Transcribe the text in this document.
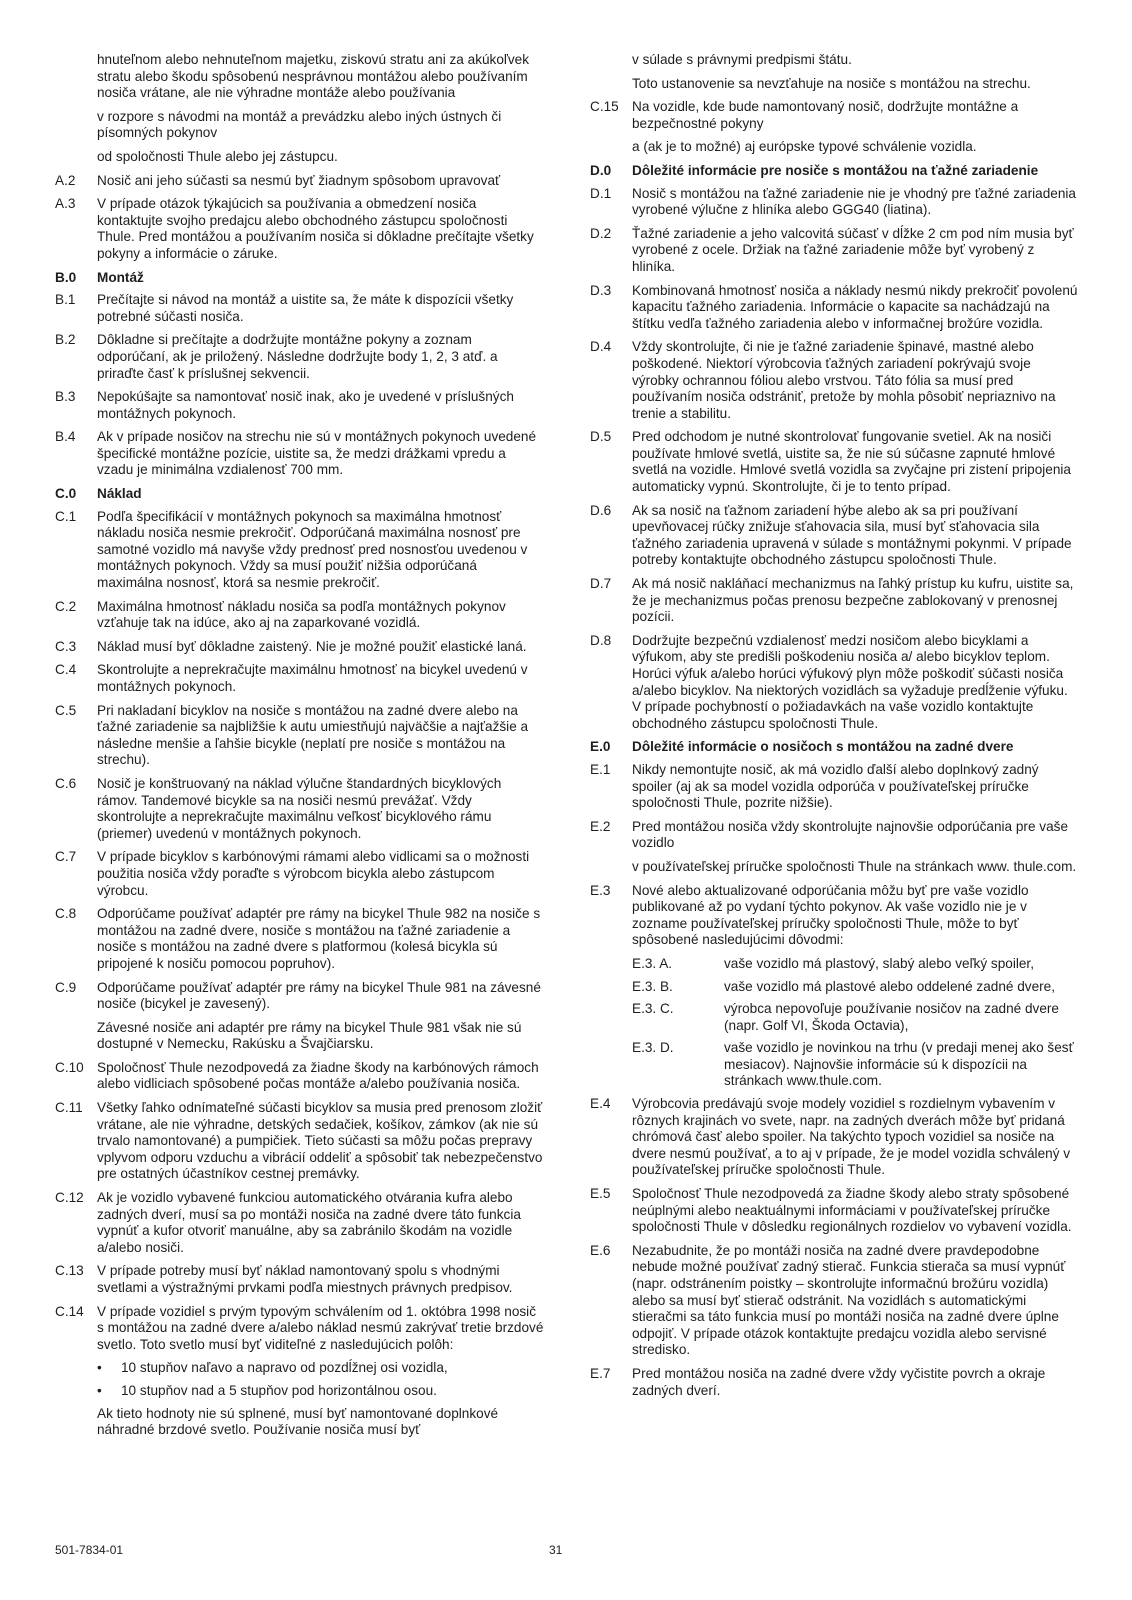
hnuteľnom alebo nehnuteľnom majetku, ziskovú stratu ani za akúkoľvek stratu alebo škodu spôsobenú nesprávnou montážou alebo používaním nosiča vrátane, ale nie výhradne montáže alebo používania
v rozpore s návodmi na montáž a prevádzku alebo iných ústnych či písomných pokynov
od spoločnosti Thule alebo jej zástupcu.
A.2	Nosič ani jeho súčasti sa nesmú byť žiadnym spôsobom upravovať
A.3	V prípade otázok týkajúcich sa používania a obmedzení nosiča kontaktujte svojho predajcu alebo obchodného zástupcu spoločnosti Thule. Pred montážou a používaním nosiča si dôkladne prečítajte všetky pokyny a informácie o záruke.
B.0	Montáž
B.1	Prečítajte si návod na montáž a uistite sa, že máte k dispozícii všetky potrebné súčasti nosiča.
B.2	Dôkladne si prečítajte a dodržujte montážne pokyny a zoznam odporúčaní, ak je priložený. Následne dodržujte body 1, 2, 3 atď. a priraďte časť k príslušnej sekvencii.
B.3	Nepokúšajte sa namontovať nosič inak, ako je uvedené v príslušných montážnych pokynoch.
B.4	Ak v prípade nosičov na strechu nie sú v montážnych pokynoch uvedené špecifické montážne pozície, uistite sa, že medzi drážkami vpredu a vzadu je minimálna vzdialenosť 700 mm.
C.0	Náklad
C.1	Podľa špecifikácií v montážnych pokynoch sa maximálna hmotnosť nákladu nosiča nesmie prekročiť. Odporúčaná maximálna nosnosť pre samotné vozidlo má navyše vždy prednosť pred nosnosťou uvedenou v montážnych pokynoch. Vždy sa musí použiť nižšia odporúčaná maximálna nosnosť, ktorá sa nesmie prekročiť.
C.2	Maximálna hmotnosť nákladu nosiča sa podľa montážnych pokynov vzťahuje tak na idúce, ako aj na zaparkované vozidlá.
C.3	Náklad musí byť dôkladne zaistený. Nie je možné použiť elastické laná.
C.4	Skontrolujte a neprekračujte maximálnu hmotnosť na bicykel uvedenú v montážnych pokynoch.
C.5	Pri nakladaní bicyklov na nosiče s montážou na zadné dvere alebo na ťažné zariadenie sa najbližšie k autu umiestňujú najväčšie a najťažšie a následne menšie a ľahšie bicykle (neplatí pre nosiče s montážou na strechu).
C.6	Nosič je konštruovaný na náklad výlučne štandardných bicyklových rámov. Tandemové bicykle sa na nosiči nesmú prevážať. Vždy skontrolujte a neprekračujte maximálnu veľkosť bicyklového rámu (priemer) uvedenú v montážnych pokynoch.
C.7	V prípade bicyklov s karbónovými rámami alebo vidlicami sa o možnosti použitia nosiča vždy poraďte s výrobcom bicykla alebo zástupcom výrobcu.
C.8	Odporúčame používať adaptér pre rámy na bicykel Thule 982 na nosiče s montážou na zadné dvere, nosiče s montážou na ťažné zariadenie a nosiče s montážou na zadné dvere s platformou (kolesá bicykla sú pripojené k nosiču pomocou popruhov).
C.9	Odporúčame používať adaptér pre rámy na bicykel Thule 981 na závesné nosiče (bicykel je zavesený).
Závesné nosiče ani adaptér pre rámy na bicykel Thule 981 však nie sú dostupné v Nemecku, Rakúsku a Švajčiarsku.
C.10 Spoločnosť Thule nezodpovedá za žiadne škody na karbónových rámoch alebo vidliciach spôsobené počas montáže a/alebo používania nosiča.
C.11	Všetky ľahko odnímateľné súčasti bicyklov sa musia pred prenosom zložiť vrátane, ale nie výhradne, detských sedačiek, košíkov, zámkov (ak nie sú trvalo namontované) a pumpičiek. Tieto súčasti sa môžu počas prepravy vplyvom odporu vzduchu a vibrácií oddeliť a spôsobiť tak nebezpečenstvo pre ostatných účastníkov cestnej premávky.
C.12 Ak je vozidlo vybavené funkciou automatického otvárania kufra alebo zadných dverí, musí sa po montáži nosiča na zadné dvere táto funkcia vypnúť a kufor otvoriť manuálne, aby sa zabránilo škodám na vozidle a/alebo nosiči.
C.13 V prípade potreby musí byť náklad namontovaný spolu s vhodnými svetlami a výstražnými prvkami podľa miestnych právnych predpisov.
C.14 V prípade vozidiel s prvým typovým schválením od 1. októbra 1998 nosič s montážou na zadné dvere a/alebo náklad nesmú zakrývať tretie brzdové svetlo. Toto svetlo musí byť viditeľné z nasledujúcich polôh:
•	10 stupňov naľavo a napravo od pozdĺžnej osi vozidla,
•	10 stupňov nad a 5 stupňov pod horizontálnou osou.
Ak tieto hodnoty nie sú splnené, musí byť namontované doplnkové náhradné brzdové svetlo. Používanie nosiča musí byť
v súlade s právnymi predpismi štátu.
Toto ustanovenie sa nevzťahuje na nosiče s montážou na strechu.
C.15 Na vozidle, kde bude namontovaný nosič, dodržujte montážne a bezpečnostné pokyny
a (ak je to možné) aj európske typové schválenie vozidla.
D.0	Dôležité informácie pre nosiče s montážou na ťažné zariadenie
D.1	Nosič s montážou na ťažné zariadenie nie je vhodný pre ťažné zariadenia vyrobené výlučne z hliníka alebo GGG40 (liatina).
D.2	Ťažné zariadenie a jeho valcovitá súčasť v dĺžke 2 cm pod ním musia byť vyrobené z ocele. Držiak na ťažné zariadenie môže byť vyrobený z hliníka.
D.3	Kombinovaná hmotnosť nosiča a náklady nesmú nikdy prekročiť povolenú kapacitu ťažného zariadenia. Informácie o kapacite sa nachádzajú na štítku vedľa ťažného zariadenia alebo v informačnej brožúre vozidla.
D.4	Vždy skontrolujte, či nie je ťažné zariadenie špinavé, mastné alebo poškodené. Niektorí výrobcovia ťažných zariadení pokrývajú svoje výrobky ochrannou fóliou alebo vrstvou. Táto fólia sa musí pred používaním nosiča odstrániť, pretože by mohla pôsobiť nepriaznivo na trenie a stabilitu.
D.5	Pred odchodom je nutné skontrolovať fungovanie svetiel. Ak na nosiči používate hmlové svetlá, uistite sa, že nie sú súčasne zapnuté hmlové svetlá na vozidle. Hmlové svetlá vozidla sa zvyčajne pri zistení pripojenia automaticky vypnú. Skontrolujte, či je to tento prípad.
D.6	Ak sa nosič na ťažnom zariadení hýbe alebo ak sa pri používaní upevňovacej rúčky znižuje sťahovacia sila, musí byť sťahovacia sila ťažného zariadenia upravená v súlade s montážnymi pokynmi. V prípade potreby kontaktujte obchodného zástupcu spoločnosti Thule.
D.7	Ak má nosič nakláňací mechanizmus na ľahký prístup ku kufru, uistite sa, že je mechanizmus počas prenosu bezpečne zablokovaný v prenosnej pozícii.
D.8	Dodržujte bezpečnú vzdialenosť medzi nosičom alebo bicyklami a výfukom, aby ste predišli poškodeniu nosiča a/ alebo bicyklov teplom. Horúci výfuk a/alebo horúci výfukový plyn môže poškodiť súčasti nosiča a/alebo bicyklov. Na niektorých vozidlách sa vyžaduje predĺženie výfuku. V prípade pochybností o požiadavkách na vaše vozidlo kontaktujte obchodného zástupcu spoločnosti Thule.
E.0	Dôležité informácie o nosičoch s montážou na zadné dvere
E.1	Nikdy nemontujte nosič, ak má vozidlo ďalší alebo doplnkový zadný spoiler (aj ak sa model vozidla odporúča v používateľskej príručke spoločnosti Thule, pozrite nižšie).
E.2	Pred montážou nosiča vždy skontrolujte najnovšie odporúčania pre vaše vozidlo
v používateľskej príručke spoločnosti Thule na stránkach www. thule.com.
E.3	Nové alebo aktualizované odporúčania môžu byť pre vaše vozidlo publikované až po vydaní týchto pokynov. Ak vaše vozidlo nie je v zozname používateľskej príručky spoločnosti Thule, môže to byť spôsobené nasledujúcimi dôvodmi:
E.3. A.	vaše vozidlo má plastový, slabý alebo veľký spoiler,
E.3. B.	vaše vozidlo má plastové alebo oddelené zadné dvere,
E.3. C.	výrobca nepovoľuje používanie nosičov na zadné dvere (napr. Golf VI, Škoda Octavia),
E.3. D.	vaše vozidlo je novinkou na trhu (v predaji menej ako šesť mesiacov). Najnovšie informácie sú k dispozícii na stránkach www.thule.com.
E.4	Výrobcovia predávajú svoje modely vozidiel s rozdielnym vybavením v rôznych krajinách vo svete, napr. na zadných dverách môže byť pridaná chrómová časť alebo spoiler. Na takýchto typoch vozidiel sa nosiče na dvere nesmú používať, a to aj v prípade, že je model vozidla schválený v používateľskej príručke spoločnosti Thule.
E.5	Spoločnosť Thule nezodpovedá za žiadne škody alebo straty spôsobené neúplnými alebo neaktuálnymi informáciami v používateľskej príručke spoločnosti Thule v dôsledku regionálnych rozdielov vo vybavení vozidla.
E.6	Nezabudnite, že po montáži nosiča na zadné dvere pravdepodobne nebude možné používať zadný stierač. Funkcia stierača sa musí vypnúť (napr. odstránením poistky – skontrolujte informačnú brožúru vozidla) alebo sa musí byť stierač odstránit. Na vozidlách s automatickými stieračmi sa táto funkcia musí po montáži nosiča na zadné dvere úplne odpojiť. V prípade otázok kontaktujte predajcu vozidla alebo servisné stredisko.
E.7	Pred montážou nosiča na zadné dvere vždy vyčistite povrch a okraje zadných dverí.
501-7834-01	31
